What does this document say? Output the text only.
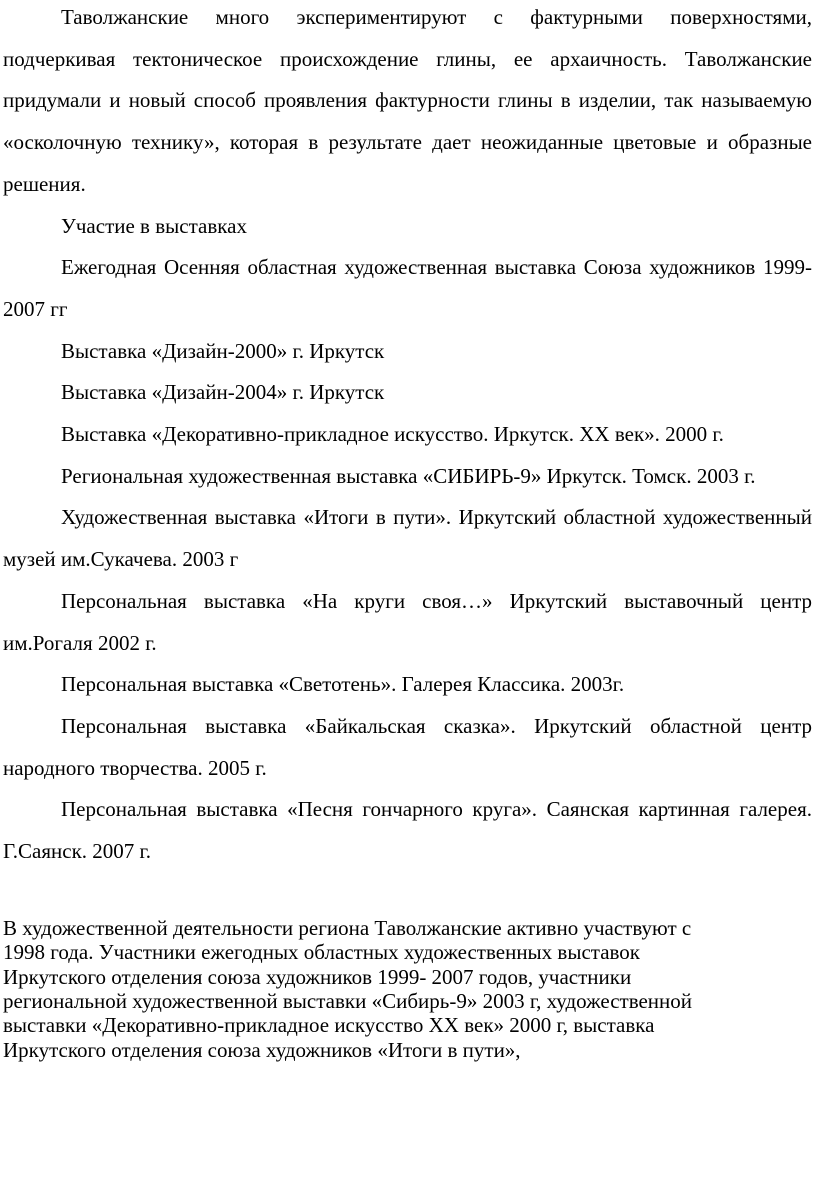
Таволжанские много экспериментируют с фактурными поверхностями, подчеркивая тектоническое происхождение глины, ее архаичность. Таволжанские придумали и новый способ проявления фактурности глины в изделии, так называемую «осколочную технику», которая в результате дает неожиданные цветовые и образные решения.

Участие в выставках

Ежегодная Осенняя областная художественная выставка Союза художников 1999-2007 гг

Выставка «Дизайн-2000» г. Иркутск

Выставка «Дизайн-2004» г. Иркутск

Выставка «Декоративно-прикладное искусство. Иркутск. ХХ век». 2000 г.

Региональная художественная выставка «СИБИРЬ-9» Иркутск. Томск. 2003 г.

Художественная выставка «Итоги в пути». Иркутский областной художественный музей им.Сукачева. 2003 г

Персональная выставка «На круги своя…» Иркутский выставочный центр им.Рогаля 2002 г.

Персональная выставка «Светотень». Галерея Классика. 2003г.

Персональная выставка «Байкальская сказка». Иркутский областной центр народного творчества. 2005 г.

Персональная выставка «Песня гончарного круга». Саянская картинная галерея. Г.Саянск. 2007 г.

В художественной деятельности региона Таволжанские активно участвуют с
1998 года. Участники ежегодных областных художественных выставок
Иркутского отделения союза художников 1999- 2007 годов, участники
региональной художественной выставки «Сибирь-9» 2003 г, художественной
выставки «Декоративно-прикладное искусство ХХ век» 2000 г, выставка
Иркутского отделения союза художников «Итоги в пути»,
